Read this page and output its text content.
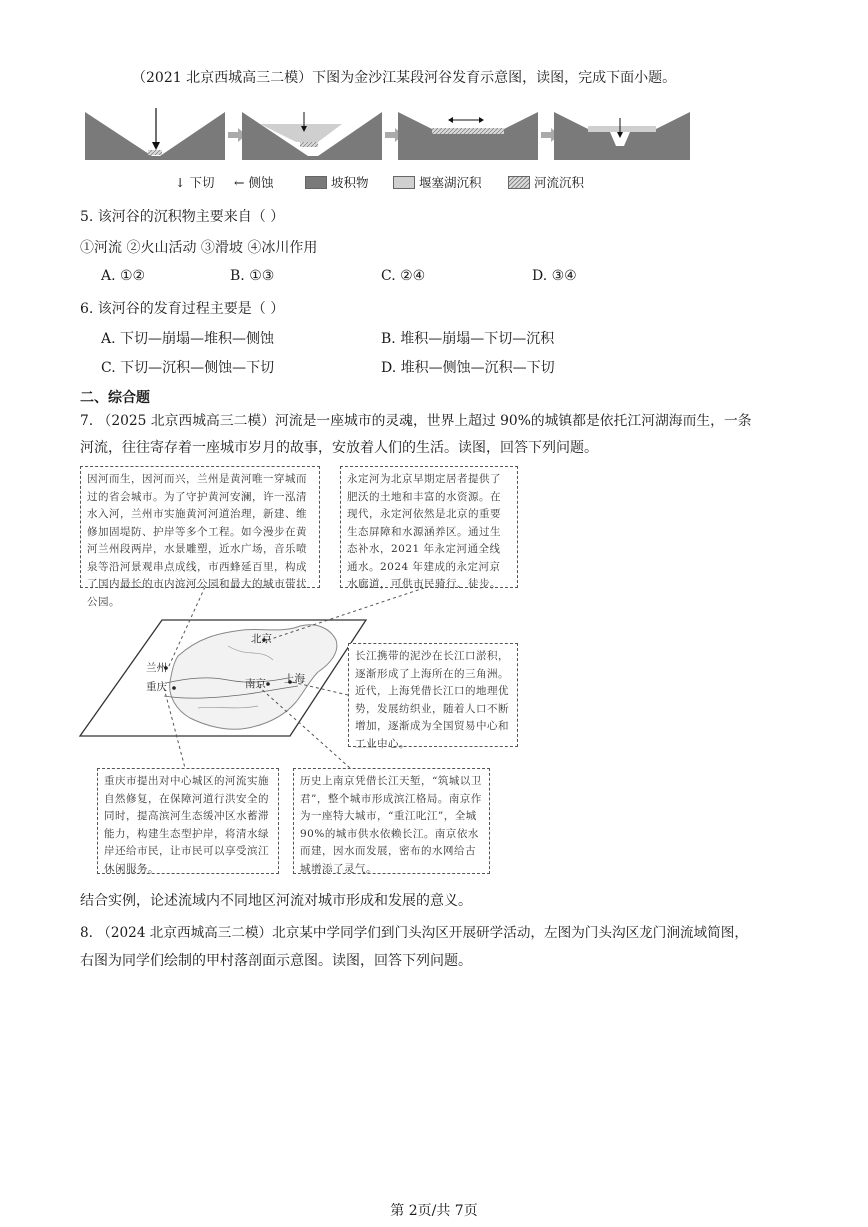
（2021 北京西城高三二模）下图为金沙江某段河谷发育示意图，读图，完成下面小题。
↓ 下切 ← 侧蚀	坡积物	堰塞湖沉积	河流沉积
5. 该河谷的沉积物主要来自（ ）
①河流 ②火山活动 ③滑坡 ④冰川作用
A. ①②	B. ①③	C. ②④	D. ③④
6. 该河谷的发育过程主要是（ ）
A. 下切—崩塌—堆积—侧蚀	B. 堆积—崩塌—下切—沉积
C. 下切—沉积—侧蚀—下切	D. 堆积—侧蚀—沉积—下切
二、综合题
7. （2025 北京西城高三二模）河流是一座城市的灵魂，世界上超过 90%的城镇都是依托江河湖海而生，一条
河流，往往寄存着一座城市岁月的故事，安放着人们的生活。读图，回答下列问题。
北京
兰州
重庆	南京 上海
因河而生，因河而兴，兰州是黄河唯一穿城而过的省会城市。为了守护黄河安澜，许一泓清水入河，兰州市实施黄河河道治理，新建、维修加固堤防、护岸等多个工程。如今漫步在黄河兰州段两岸，水景雕塑，近水广场，音乐喷泉等沿河景观串点成线，市西蜂延百里，构成了国内最长的市内滨河公园和最大的城市带状公园。
永定河为北京早期定居者提供了肥沃的土地和丰富的水资源。在现代，永定河依然是北京的重要生态屏障和水源涵养区。通过生态补水，2021 年永定河通全线通水。2024 年建成的永定河京水廊道，可供市民骑行、徒步。
长江携带的泥沙在长江口淤积，逐渐形成了上海所在的三角洲。近代，上海凭借长江口的地理优势，发展纺织业，随着人口不断增加，逐渐成为全国贸易中心和工业中心。
重庆市提出对中心城区的河流实施自然修复，在保障河道行洪安全的同时，提高滨河生态缓冲区水蓄滞能力，构建生态型护岸，将清水绿岸还给市民，让市民可以享受滨江休闲服务。
历史上南京凭借长江天堑，“筑城以卫君”，整个城市形成滨江格局。南京作为一座特大城市，“重江叱江”，全城 90%的城市供水依赖长江。南京依水而建，因水而发展，密布的水网给古城增添了灵气。
结合实例，论述流域内不同地区河流对城市形成和发展的意义。
8. （2024 北京西城高三二模）北京某中学同学们到门头沟区开展研学活动，左图为门头沟区龙门涧流域简图，
右图为同学们绘制的甲村落剖面示意图。读图，回答下列问题。
第 2页/共 7页
